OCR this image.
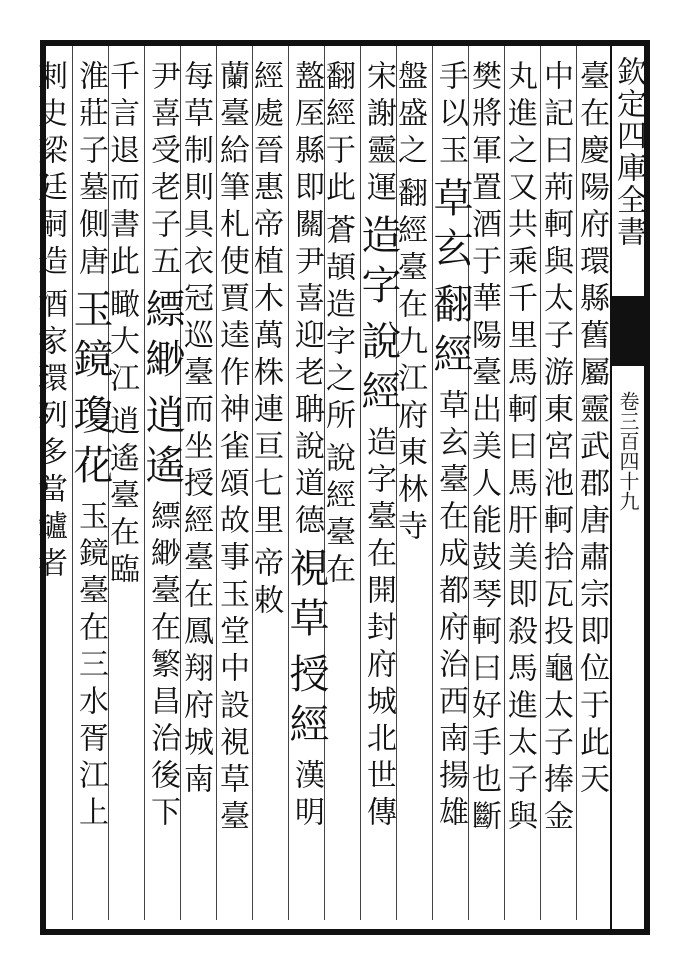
欽定四庫全書
卷三百四十九
臺在慶陽府環縣舊屬靈武郡唐肅宗即位于此天
中記曰荊軻與太子游東宮池軻拾瓦投龜太子捧金
丸進之又共乘千里馬軻曰馬肝美即殺馬進太子與
樊將軍置酒于華陽臺出美人能鼓琴軻曰好手也斷
手以玉草玄翻經草玄臺在成都府治西南揚雄
盤盛之翻經臺在九江府東林寺
宋謝靈運造字說經造字臺在開封府城北世傳
翻經于此蒼頡造字之所說經臺在
盩厔縣即關尹喜迎老聃說道德視草授經漢明
經處晉惠帝植木萬株連亘七里帝敕
蘭臺給筆札使賈逵作神雀頌故事玉堂中設視草臺
每草制則具衣冠巡臺而坐授經臺在鳳翔府城南
尹喜受老子五縹緲逍遙縹緲臺在繁昌治後下
千言退而書此瞰大江逍遙臺在臨
淮莊子墓側唐玉鏡瓊花玉鏡臺在三水胥江上
刺史梁廷嗣造酒家環列多當罏者
